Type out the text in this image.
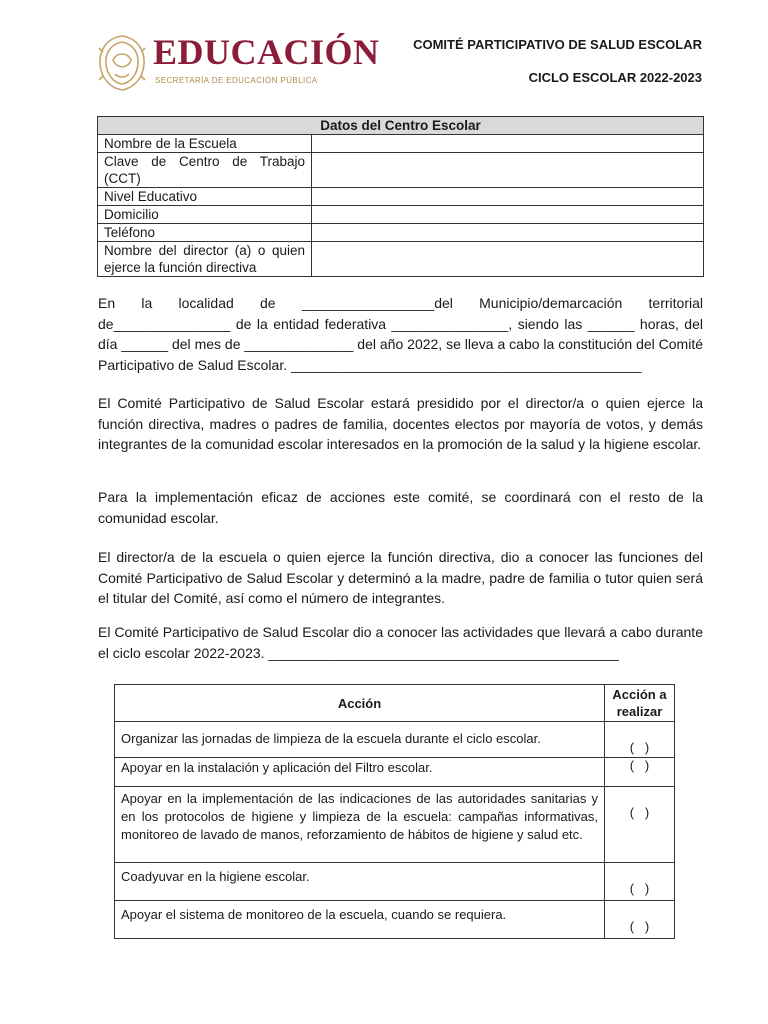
EDUCACIÓN
SECRETARÍA DE EDUCACIÓN PÚBLICA
COMITÉ PARTICIPATIVO DE SALUD ESCOLAR
CICLO ESCOLAR 2022-2023
Datos del Centro Escolar	
Nombre de la Escuela	
Clave de Centro de Trabajo (CCT)	
Nivel Educativo	
Domicilio	
Teléfono	
Nombre del director (a) o quien ejerce la función directiva	

En la localidad de _________________del Municipio/demarcación territorial de_______________ de la entidad federativa _______________, siendo las ______ horas, del día ______ del mes de ______________ del año 2022, se lleva a cabo la constitución del Comité Participativo de Salud Escolar. _____________________________________________

El Comité Participativo de Salud Escolar estará presidido por el director/a o quien ejerce la función directiva, madres o padres de familia, docentes electos por mayoría de votos, y demás integrantes de la comunidad escolar interesados en la promoción de la salud y la higiene escolar.

Para la implementación eficaz de acciones este comité, se coordinará con el resto de la comunidad escolar.

El director/a de la escuela o quien ejerce la función directiva, dio a conocer las funciones del Comité Participativo de Salud Escolar y determinó a la madre, padre de familia o tutor quien será el titular del Comité, así como el número de integrantes.

El Comité Participativo de Salud Escolar dio a conocer las actividades que llevará a cabo durante el ciclo escolar 2022-2023. _____________________________________________

Acción	Acción a realizar
Organizar las jornadas de limpieza de la escuela durante el ciclo escolar.	(   )
Apoyar en la instalación y aplicación del Filtro escolar.	(   )
Apoyar en la implementación de las indicaciones de las autoridades sanitarias y en los protocolos de higiene y limpieza de la escuela: campañas informativas, monitoreo de lavado de manos, reforzamiento de hábitos de higiene y salud etc.	(   )
Coadyuvar en la higiene escolar.	(   )
Apoyar el sistema de monitoreo de la escuela, cuando se requiera.	(   )
